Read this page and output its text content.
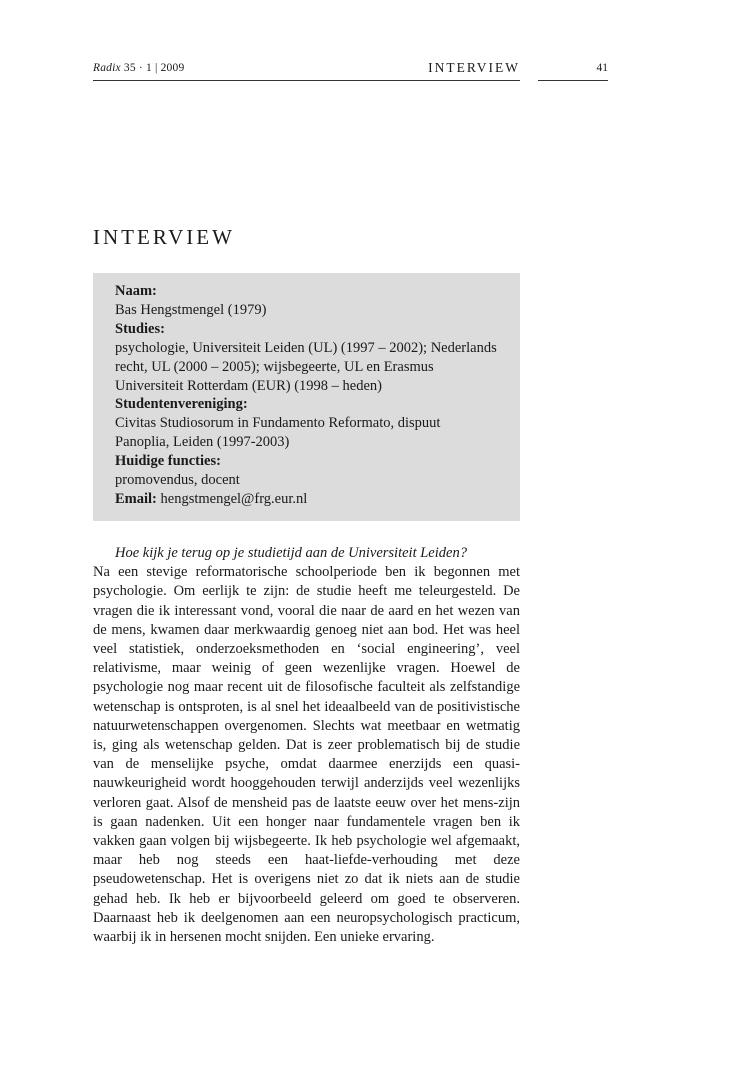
Radix 35 · 1 | 2009	INTERVIEW	41
INTERVIEW
Naam:
Bas Hengstmengel (1979)
Studies:
psychologie, Universiteit Leiden (UL) (1997 – 2002); Nederlands recht, UL (2000 – 2005); wijsbegeerte, UL en Erasmus Universiteit Rotterdam (EUR) (1998 – heden)
Studentenvereniging:
Civitas Studiosorum in Fundamento Reformato, dispuut Panoplia, Leiden (1997-2003)
Huidige functies:
promovendus, docent
Email: hengstmengel@frg.eur.nl

Hoe kijk je terug op je studietijd aan de Universiteit Leiden?

Na een stevige reformatorische schoolperiode ben ik begonnen met psychologie. Om eerlijk te zijn: de studie heeft me teleurgesteld. De vragen die ik interessant vond, vooral die naar de aard en het wezen van de mens, kwamen daar merkwaardig genoeg niet aan bod. Het was heel veel statistiek, onderzoeksmethoden en ‘social engineering’, veel relativisme, maar weinig of geen wezenlijke vragen. Hoewel de psychologie nog maar recent uit de filosofische faculteit als zelfstandige wetenschap is ontsproten, is al snel het ideaalbeeld van de positivistische natuurwetenschappen overgenomen. Slechts wat meetbaar en wetmatig is, ging als wetenschap gelden. Dat is zeer problematisch bij de studie van de menselijke psyche, omdat daarmee enerzijds een quasi-nauwkeurigheid wordt hooggehouden terwijl anderzijds veel wezenlijks verloren gaat. Alsof de mensheid pas de laatste eeuw over het mens-zijn is gaan nadenken. Uit een honger naar fundamentele vragen ben ik vakken gaan volgen bij wijsbegeerte. Ik heb psychologie wel afgemaakt, maar heb nog steeds een haat-liefde-verhouding met deze pseudowetenschap. Het is overigens niet zo dat ik niets aan de studie gehad heb. Ik heb er bijvoorbeeld geleerd om goed te observeren. Daarnaast heb ik deelgenomen aan een neuropsychologisch practicum, waarbij ik in hersenen mocht snijden. Een unieke ervaring.
